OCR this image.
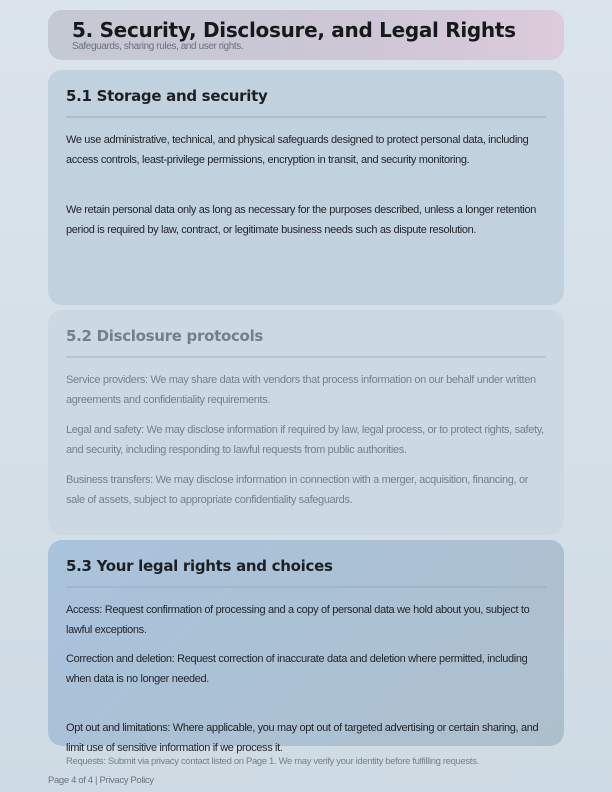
5. Security, Disclosure, and Legal Rights
Safeguards, sharing rules, and user rights.
5.1 Storage and security

We use administrative, technical, and physical safeguards designed to protect personal data, including access controls, least-privilege permissions, encryption in transit, and security monitoring.

We retain personal data only as long as necessary for the purposes described, unless a longer retention period is required by law, contract, or legitimate business needs such as dispute resolution.

5.2 Disclosure protocols

Service providers: We may share data with vendors that process information on our behalf under written agreements and confidentiality requirements.

Legal and safety: We may disclose information if required by law, legal process, or to protect rights, safety, and security, including responding to lawful requests from public authorities.

Business transfers: We may disclose information in connection with a merger, acquisition, financing, or sale of assets, subject to appropriate confidentiality safeguards.

5.3 Your legal rights and choices

Access: Request confirmation of processing and a copy of personal data we hold about you, subject to lawful exceptions.

Correction and deletion: Request correction of inaccurate data and deletion where permitted, including when data is no longer needed.

Opt out and limitations: Where applicable, you may opt out of targeted advertising or certain sharing, and limit use of sensitive information if we process it.

Requests: Submit via privacy contact listed on Page 1. We may verify your identity before fulfilling requests.
Page 4 of 4 | Privacy Policy
